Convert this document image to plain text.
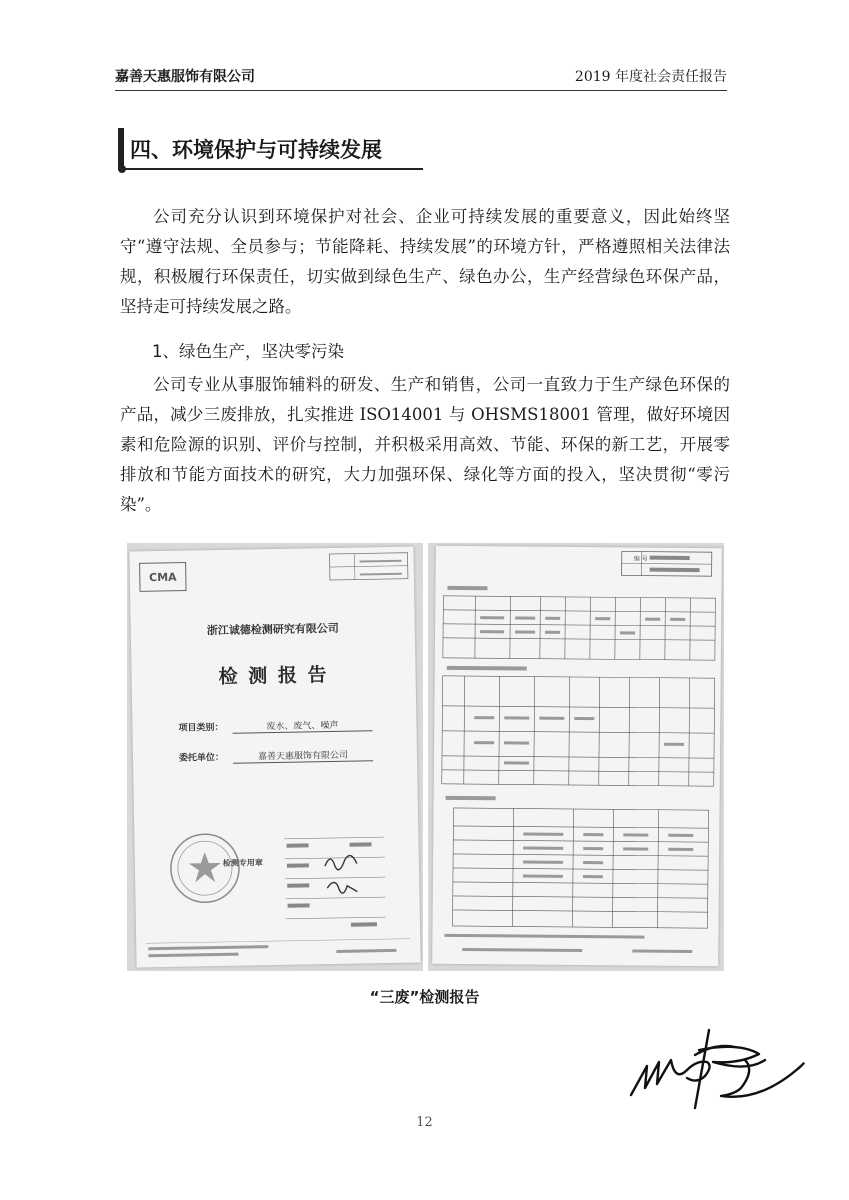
嘉善天惠服饰有限公司	2019 年度社会责任报告
四、环境保护与可持续发展
公司充分认识到环境保护对社会、企业可持续发展的重要意义，因此始终坚守“遵守法规、全员参与；节能降耗、持续发展”的环境方针，严格遵照相关法律法规，积极履行环保责任，切实做到绿色生产、绿色办公，生产经营绿色环保产品，坚持走可持续发展之路。
1、绿色生产，坚决零污染
公司专业从事服饰辅料的研发、生产和销售，公司一直致力于生产绿色环保的产品，减少三废排放，扎实推进 ISO14001 与 OHSMS18001 管理，做好环境因素和危险源的识别、评价与控制，并积极采用高效、节能、环保的新工艺，开展零排放和节能方面技术的研究，大力加强环保、绿化等方面的投入，坚决贯彻“零污染”。
CMA
浙江诚德检测研究有限公司
检 测 报 告
项目类别：	废水、废气、噪声
委托单位：	嘉善天惠服饰有限公司
检测专用章
编 号
“三废”检测报告
12
